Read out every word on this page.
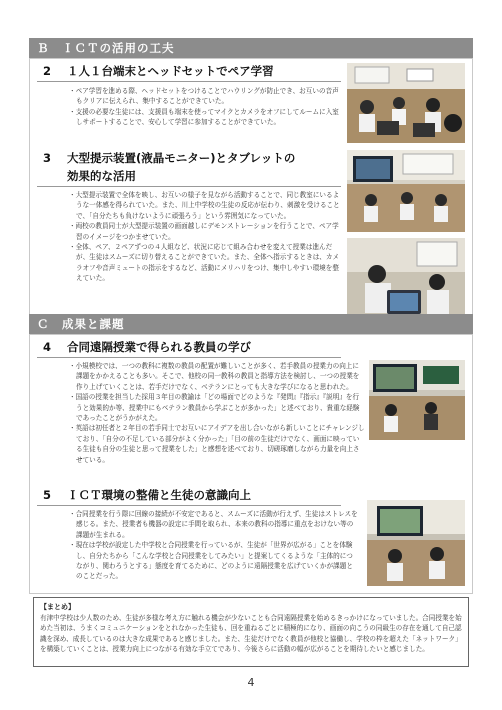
Ｂ　ＩＣＴの活用の工夫
2 １人１台端末とヘッドセットでペア学習
・ ペア学習を進める際、ヘッドセットをつけることでハウリングが防止でき、お互いの音声もクリアに伝えられ、集中することができていた。
・ 支援の必要な生徒には、支援員も端末を使ってマイクとカメラをオフにしてルームに入室しサポートすることで、安心して学習に参加することができていた。
3 大型提示装置(液晶モニター)とタブレットの
効果的な活用
・ 大型提示装置で全体を映し、お互いの様子を見ながら活動することで、同じ教室にいるような一体感を得られていた。また、川上中学校の生徒の反応が伝わり、刺激を受けることで、「自分たちも負けないように頑張ろう」という雰囲気になっていた。
・ 両校の教員同士が大型提示装置の画面越しにデモンストレーションを行うことで、ペア学習のイメージをつかませていた。
・ 全体、ペア、２ペアずつの４人組など、状況に応じて組み合わせを変えて授業は進んだが、生徒はスムーズに切り替えることができていた。また、全体へ指示するときは、カメラオフや音声ミュートの指示をするなど、活動にメリハリをつけ、集中しやすい環境を整えていた。
Ｃ　成果と課題
4 合同遠隔授業で得られる教員の学び
・ 小規模校では、一つの教科に複数の教員の配置が難しいことが多く、若手教員の授業力の向上に課題をかかえることも多い。そこで、他校の同一教科の教員と指導方法を検討し、一つの授業を作り上げていくことは、若手だけでなく、ベテランにとっても大きな学びになると思われた。
・ 国語の授業を担当した採用３年目の教諭は「どの場面でどのような『発問』『指示』『説明』を行うと効果的か等、授業中にもベテラン教員から学ぶことが多かった」と述べており、貴重な経験であったことがうかがえた。
・ 英語は初任者と２年目の若手同士でお互いにアイデアを出し合いながら新しいことにチャレンジしており、「自分の不足している部分がよく分かった」「目の前の生徒だけでなく、画面に映っている生徒も自分の生徒と思って授業をした」と感想を述べており、切磋琢磨しながら力量を向上させている。
5 ＩＣＴ環境の整備と生徒の意識向上
・ 合同授業を行う際に回線の接続が不安定であると、スムーズに活動が行えず、生徒はストレスを感じる。また、授業者も機器の設定に手間を取られ、本来の教科の指導に重点をおけない等の課題が生まれる。
・ 現在は学校が設定した中学校と合同授業を行っているが、生徒が「世界が広がる」ことを体験し、自分たちから「こんな学校と合同授業をしてみたい」と提案してくるような「主体的につながり、関わろうとする」態度を育てるために、どのように遠隔授業を広げていくかが課題とのことだった。
【まとめ】
有津中学校は少人数のため、生徒が多様な考え方に触れる機会が少ないことも合同遠隔授業を始めるきっかけになっていました。合同授業を始めた当初は、うまくコミュニケーションをとれなかった生徒も、回を重ねるごとに積極的になり、画面の向こうの同級生の存在を通して自己認識を深め、成長しているのは大きな成果であると感じました。また、生徒だけでなく教員が他校と協働し、学校の枠を超えた「ネットワーク」を構築していくことは、授業力向上につながる有効な手立てであり、今後さらに活動の幅が広がることを期待したいと感じました。
4
